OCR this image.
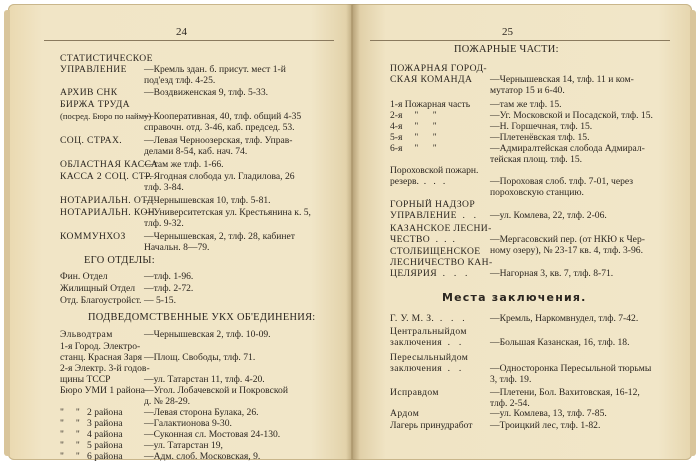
24	25
СТАТИСТИЧЕСКОЕ
УПРАВЛЕНИЕ	—Кремль здан. б. присут. мест 1-й
под'езд тлф. 4-25.
АРХИВ СНК	—Воздвиженская 9, тлф. 5-33.
БИРЖА ТРУДА
(посред. Бюро по найму)
—Кооперативная, 40, тлф. общий 4-35
справочн. отд. 3-46, каб. председ. 53.
СОЦ. СТРАХ.	—Левая Черноозерская, тлф. Управ-
делами 8-54, каб. нач. 74.
ОБЛАСТНАЯ КАССА
—там же тлф. 1-66.
КАССА 2 СОЦ. СТР.
—Ягодная слобода ул. Гладилова, 26
тлф. 3-84.
НОТАРИАЛЬН. ОТД.
—Чернышевская 10, тлф. 5-81.
НОТАРИАЛЬН. КОН.
—Университетская ул. Крестьянина к. 5,
тлф. 9-32.
КОММУНХОЗ	—Чернышевская, 2, тлф. 28, кабинет
Начальн. 8—79.
ЕГО ОТДЕЛЫ:
Фин. Отдел	—тлф. 1-96.
Жилищный Отдел —тлф. 2-72.
Отд. Благоустройст. — 5-15.
ПОДВЕДОМСТВЕННЫЕ УКХ ОБ'ЕДИНЕНИЯ:
Эльводтрам	—Чернышевская 2, тлф. 10-09.
1-я Город. Электро-
станц. Красная Заря —Площ. Свободы, тлф. 71.
2-я Электр. 3-й годов-
щины ТССР	—ул. Татарстан 11, тлф. 4-20.
Бюро УМИ 1 района —Угол. Лобачевской и Покровской
д. № 28-29.
"     "   2 района	—Левая сторона Булака, 26.
"     "   3 района	—Галактионова 9-30.
"     "   4 района	—Суконная сл. Мостовая 24-130.
"     "   5 района	—ул. Татарстан 19,
"     "   6 района	—Адм. слоб. Московская, 9.
ПОЖАРНЫЕ ЧАСТИ:
ПОЖАРНАЯ ГОРОД-
СКАЯ КОМАНДА	—Чернышевская 14, тлф. 11 и ком-
мутатор 15 и 6-40.
1-я Пожарная часть	—там же тлф. 15.
2-я     "      "	—Уг. Московской и Посадской, тлф. 15.
4-я     "      "	—Н. Горшечная, тлф. 15.
5-я     "      "	—Плетенёвская тлф. 15.
6-я     "      "	—Адмиралтейская слобода Адмирал-
тейская площ. тлф. 15.
Пороховской пожарн.
резерв.  .   .   .	—Пороховая слоб. тлф. 7-01, через
пороховскую станцию.
ГОРНЫЙ НАДЗОР
УПРАВЛЕНИЕ  .   .	—ул. Комлева, 22, тлф. 2-06.
КАЗАНСКОЕ ЛЕСНИ-
ЧЕСТВО  .  .  .	—Мергасовский пер. (от НКЮ к Чер-
ному озеру), № 23-17 кв. 4, тлф. 3-96.
СТОЛБИЩЕНСКОЕ
ЛЕСНИЧЕСТВО КАН-
ЦЕЛЯРИЯ  .   .   .	—Нагорная 3, кв. 7, тлф. 8-71.
Места заключения.
Г. У. М. З.  .   .   .	—Кремль, Наркомвнудел, тлф. 7-42.
Центральныйдом
заключения  .   .	—Большая Казанская, 16, тлф. 18.
Пересыльныйдом
заключения  .   .	—Односторонка Пересыльной тюрьмы
3, тлф. 19.
Исправдом	—Плетени, Бол. Вахитовская, 16-12,
тлф. 2-54.
Ардом	—ул. Комлева, 13, тлф. 7-85.
Лагерь принудработ	—Троицкий лес, тлф. 1-82.
